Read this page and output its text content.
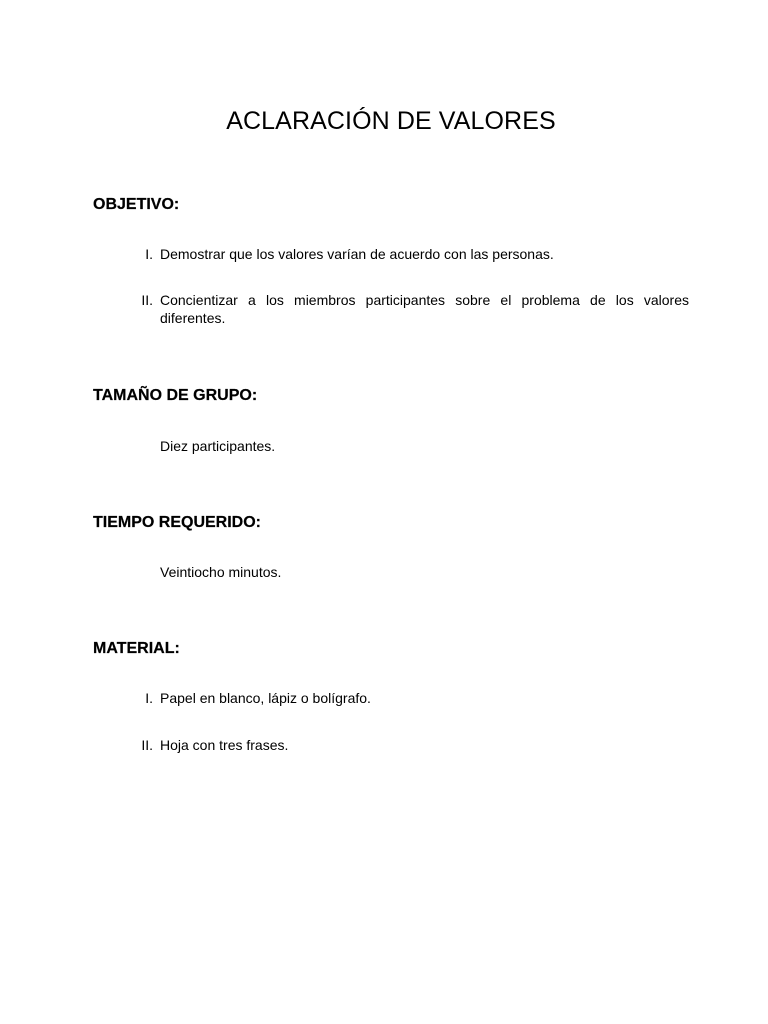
ACLARACIÓN DE VALORES
OBJETIVO:
I. Demostrar que los valores varían de acuerdo con las personas.
II. Concientizar a los miembros participantes sobre el problema de los valores diferentes.
TAMAÑO DE GRUPO:
Diez participantes.
TIEMPO REQUERIDO:
Veintiocho minutos.
MATERIAL:
I. Papel en blanco, lápiz o bolígrafo.
II. Hoja con tres frases.
